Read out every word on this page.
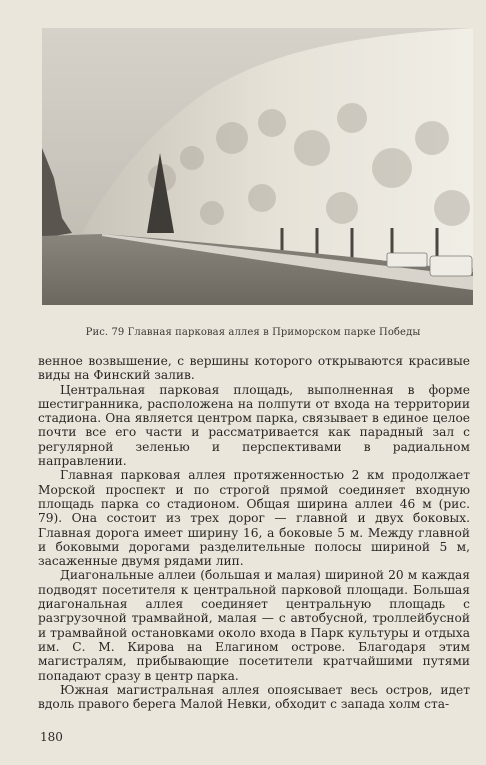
Рис. 79 Главная парковая аллея в Приморском парке Победы

венное возвышение, с вершины которого открываются красивые виды на Финский залив.

Центральная парковая площадь, выполненная в форме шестигранника, расположена на полпути от входа на территории стадиона. Она является центром парка, связывает в единое целое почти все его части и рассматривается как парадный зал с регулярной зеленью и перспективами в радиальном направлении.

Главная парковая аллея протяженностью 2 км продолжает Морской проспект и по строгой прямой соединяет входную площадь парка со стадионом. Общая ширина аллеи 46 м (рис. 79). Она состоит из трех дорог — главной и двух боковых. Главная дорога имеет ширину 16, а боковые 5 м. Между главной и боковыми дорогами разделительные полосы шириной 5 м, засаженные двумя рядами лип.

Диагональные аллеи (большая и малая) шириной 20 м каждая подводят посетителя к центральной парковой площади. Большая диагональная аллея соединяет центральную площадь с разгрузочной трамвайной, малая — с автобусной, троллейбусной и трамвайной остановками около входа в Парк культуры и отдыха им. С. М. Кирова на Елагином острове. Благодаря этим магистралям, прибывающие посетители кратчайшими путями попадают сразу в центр парка.

Южная магистральная аллея опоясывает весь остров, идет вдоль правого берега Малой Невки, обходит с запада холм ста-

180
